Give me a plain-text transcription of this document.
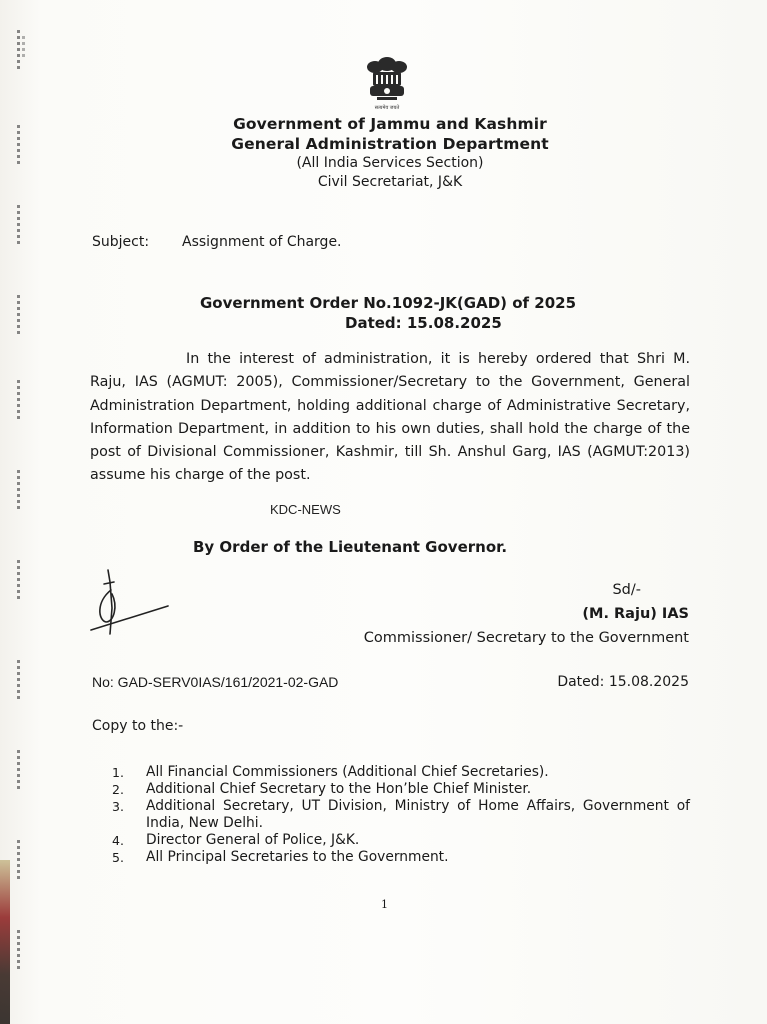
सत्यमेव जयते
Government of Jammu and Kashmir
General Administration Department
(All India Services Section)
Civil Secretariat, J&K
Subject: Assignment of Charge.
Government Order No.1092-JK(GAD) of 2025
Dated: 15.08.2025
In the interest of administration, it is hereby ordered that Shri M. Raju, IAS (AGMUT: 2005), Commissioner/Secretary to the Government, General Administration Department, holding additional charge of Administrative Secretary, Information Department, in addition to his own duties, shall hold the charge of the post of Divisional Commissioner, Kashmir, till Sh. Anshul Garg, IAS (AGMUT:2013) assume his charge of the post.
KDC-NEWS
By Order of the Lieutenant Governor.
Sd/-
(M. Raju) IAS
Commissioner/ Secretary to the Government
No: GAD-SERV0IAS/161/2021-02-GAD	Dated: 15.08.2025
Copy to the:-
1.	All Financial Commissioners (Additional Chief Secretaries).
2.	Additional Chief Secretary to the Hon’ble Chief Minister.
3.	Additional Secretary, UT Division, Ministry of Home Affairs, Government of India, New Delhi.
4.	Director General of Police, J&K.
5.	All Principal Secretaries to the Government.
1
